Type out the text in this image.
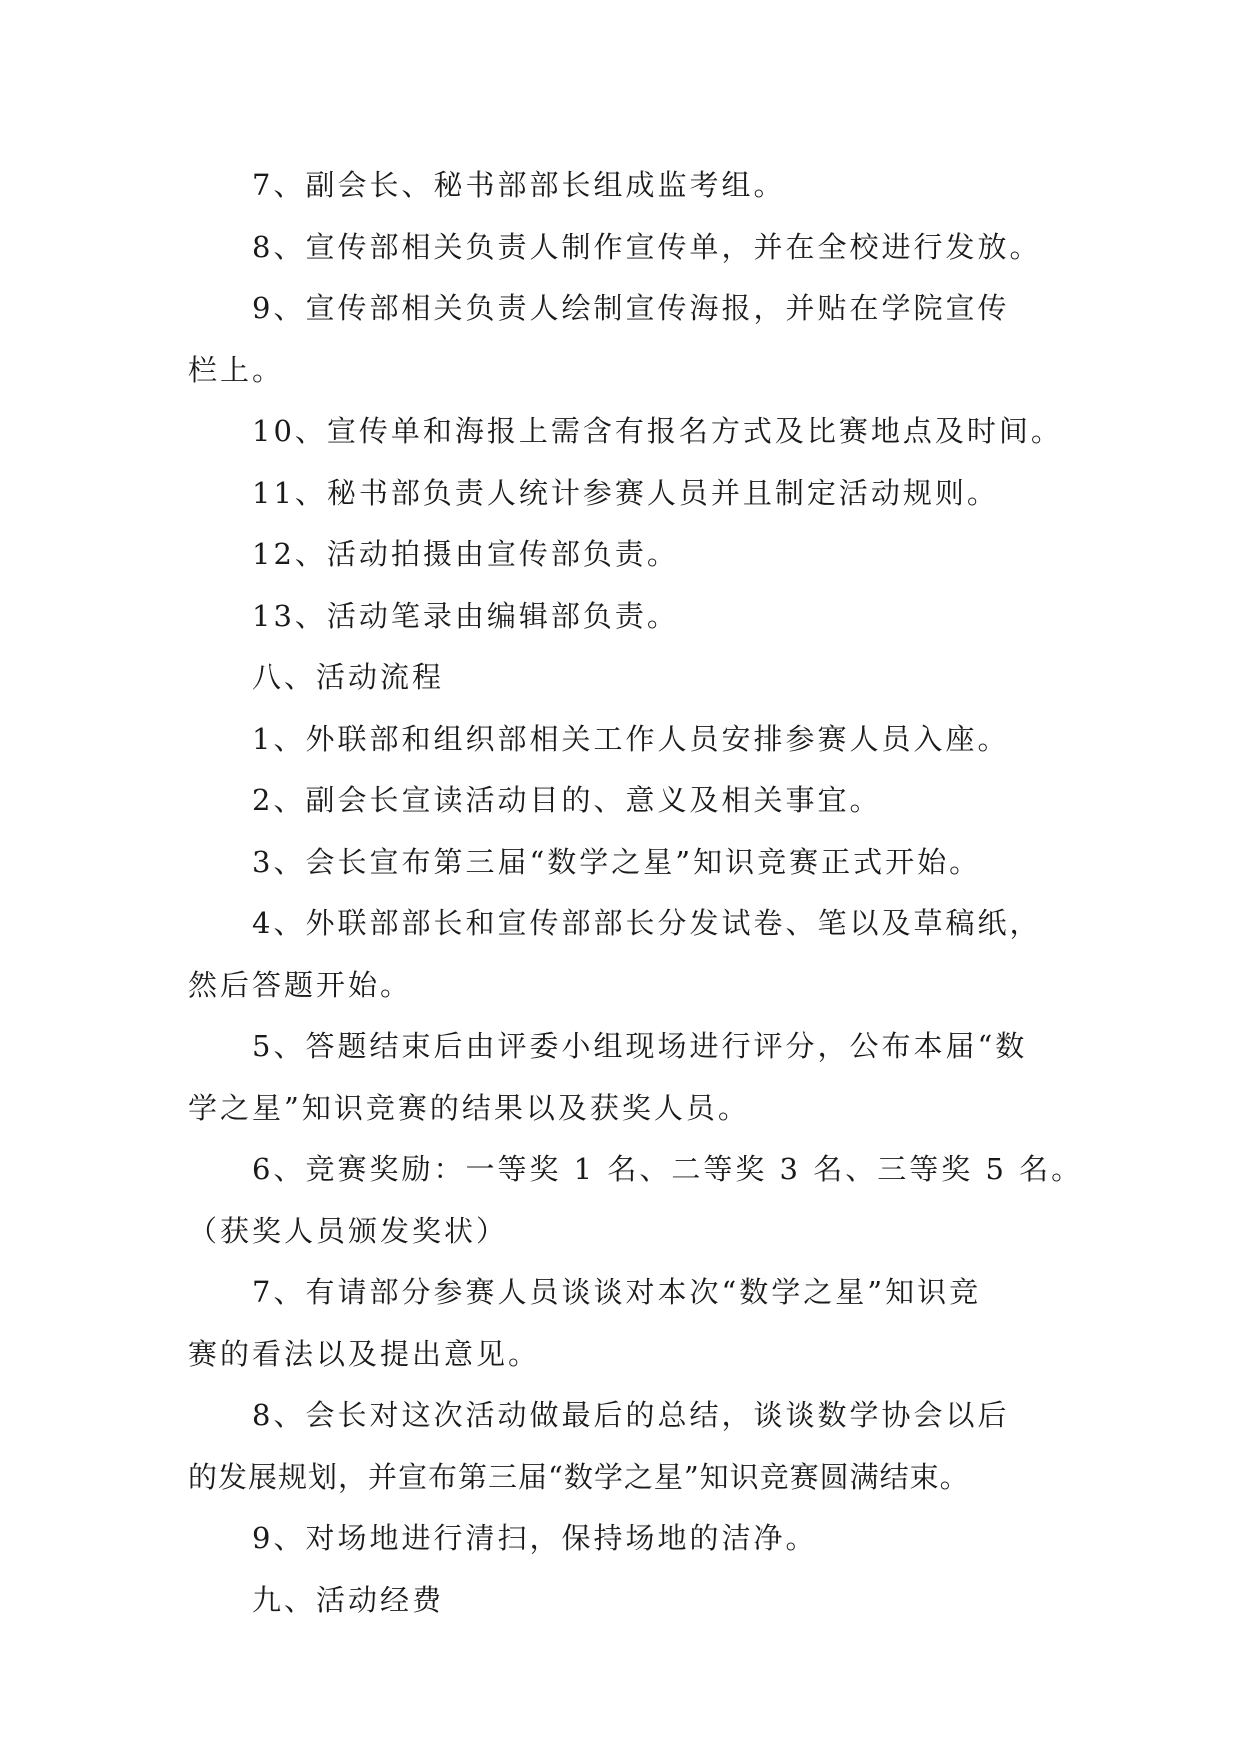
7、副会长、秘书部部长组成监考组。
8、宣传部相关负责人制作宣传单，并在全校进行发放。
9、宣传部相关负责人绘制宣传海报，并贴在学院宣传
栏上。
10、宣传单和海报上需含有报名方式及比赛地点及时间。
11、秘书部负责人统计参赛人员并且制定活动规则。
12、活动拍摄由宣传部负责。
13、活动笔录由编辑部负责。
八、活动流程
1、外联部和组织部相关工作人员安排参赛人员入座。
2、副会长宣读活动目的、意义及相关事宜。
3、会长宣布第三届“数学之星”知识竞赛正式开始。
4、外联部部长和宣传部部长分发试卷、笔以及草稿纸，
然后答题开始。
5、答题结束后由评委小组现场进行评分，公布本届“数
学之星”知识竞赛的结果以及获奖人员。
6、竞赛奖励：一等奖 1 名、二等奖 3 名、三等奖 5 名。
（获奖人员颁发奖状）
7、有请部分参赛人员谈谈对本次“数学之星”知识竞
赛的看法以及提出意见。
8、会长对这次活动做最后的总结，谈谈数学协会以后
的发展规划，并宣布第三届“数学之星”知识竞赛圆满结束。
9、对场地进行清扫，保持场地的洁净。
九、活动经费
